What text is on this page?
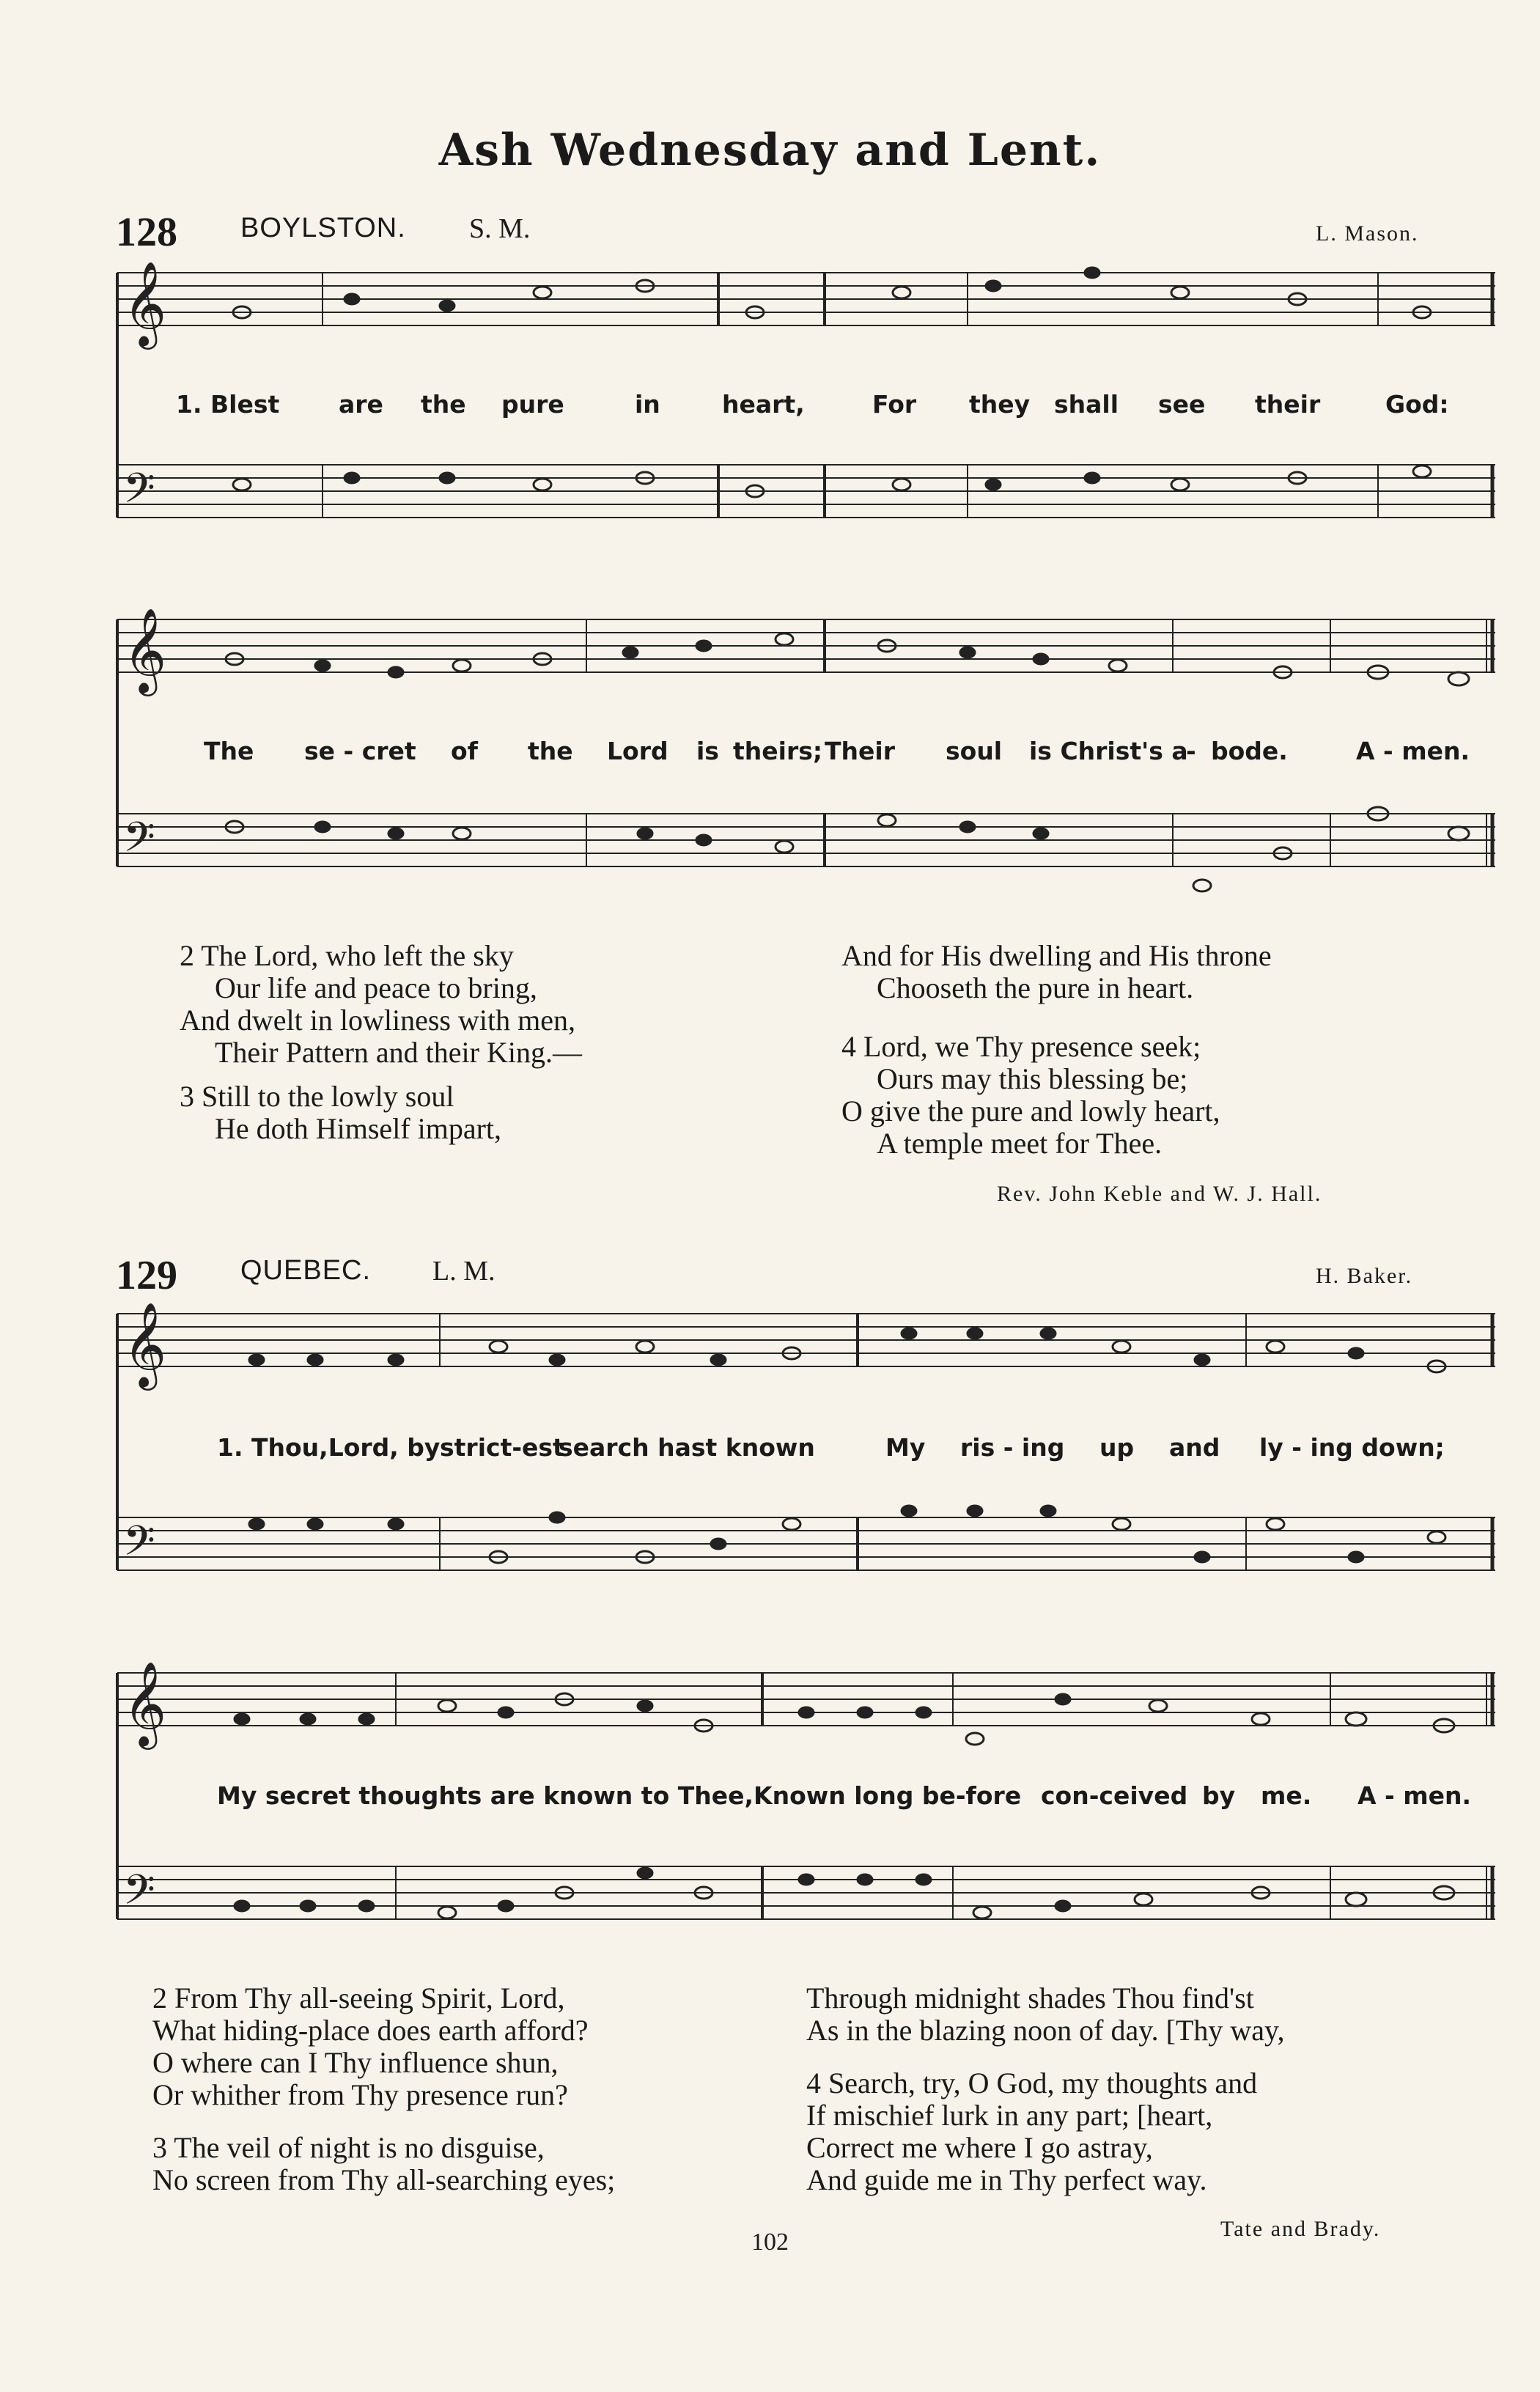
Ash Wednesday and Lent.
128 BOYLSTON. S. M.	L. Mason.
𝄞
𝄢
𝄞
𝄢
𝄞
𝄢
𝄞
𝄢
1. Blest are the pure	in	heart,	For they shall see their	God:
The se - cret of the Lord is theirs; Their soul is Christ's a
- bode.	A - men.
2 The Lord, who left the sky
Our life and peace to bring,
And dwelt in lowliness with men,
Their Pattern and their King.—
3 Still to the lowly soul
He doth Himself impart,
And for His dwelling and His throne
Chooseth the pure in heart.
4 Lord, we Thy presence seek;
Ours may this blessing be;
O give the pure and lowly heart,
A temple meet for Thee.
Rev. John Keble and W. J. Hall.
129 QUEBEC. L. M.	H. Baker.
1. Thou,Lord, by strict-est
search hast known	My ris - ing up and ly - ing down;
My secret thoughts are known to Thee,Known long be-fore con-ceived by me. A - men.
2 From Thy all-seeing Spirit, Lord,
What hiding-place does earth afford?
O where can I Thy influence shun,
Or whither from Thy presence run?
3 The veil of night is no disguise,
No screen from Thy all-searching eyes;
Through midnight shades Thou find'st
As in the blazing noon of day. [Thy way,
4 Search, try, O God, my thoughts and
If mischief lurk in any part; [heart,
Correct me where I go astray,
And guide me in Thy perfect way.
Tate and Brady.
102
